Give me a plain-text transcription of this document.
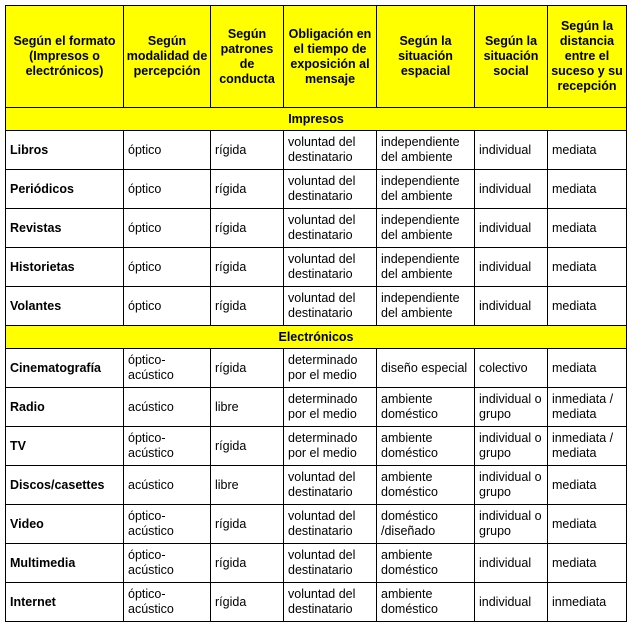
Según el formato (Impresos o electrónicos)	Según modalidad de percepción	Según patrones de conducta	Obligación en el tiempo de exposición al mensaje	Según la situación espacial	Según la situación social	Según la distancia entre el suceso y su recepción
Impresos						
Libros	óptico	rígida	voluntad del destinatario	independiente del ambiente	individual	mediata
Periódicos	óptico	rígida	voluntad del destinatario	independiente del ambiente	individual	mediata
Revistas	óptico	rígida	voluntad del destinatario	independiente del ambiente	individual	mediata
Historietas	óptico	rígida	voluntad del destinatario	independiente del ambiente	individual	mediata
Volantes	óptico	rígida	voluntad del destinatario	independiente del ambiente	individual	mediata
Electrónicos						
Cinematografía	óptico-acústico	rígida	determinado por el medio	diseño especial	colectivo	mediata
Radio	acústico	libre	determinado por el medio	ambiente doméstico	individual o grupo	inmediata / mediata
TV	óptico-acústico	rígida	determinado por el medio	ambiente doméstico	individual o grupo	inmediata / mediata
Discos/casettes	acústico	libre	voluntad del destinatario	ambiente doméstico	individual o grupo	mediata
Video	óptico-acústico	rígida	voluntad del destinatario	doméstico /diseñado	individual o grupo	mediata
Multimedia	óptico-acústico	rígida	voluntad del destinatario	ambiente doméstico	individual	mediata
Internet	óptico-acústico	rígida	voluntad del destinatario	ambiente doméstico	individual	inmediata
